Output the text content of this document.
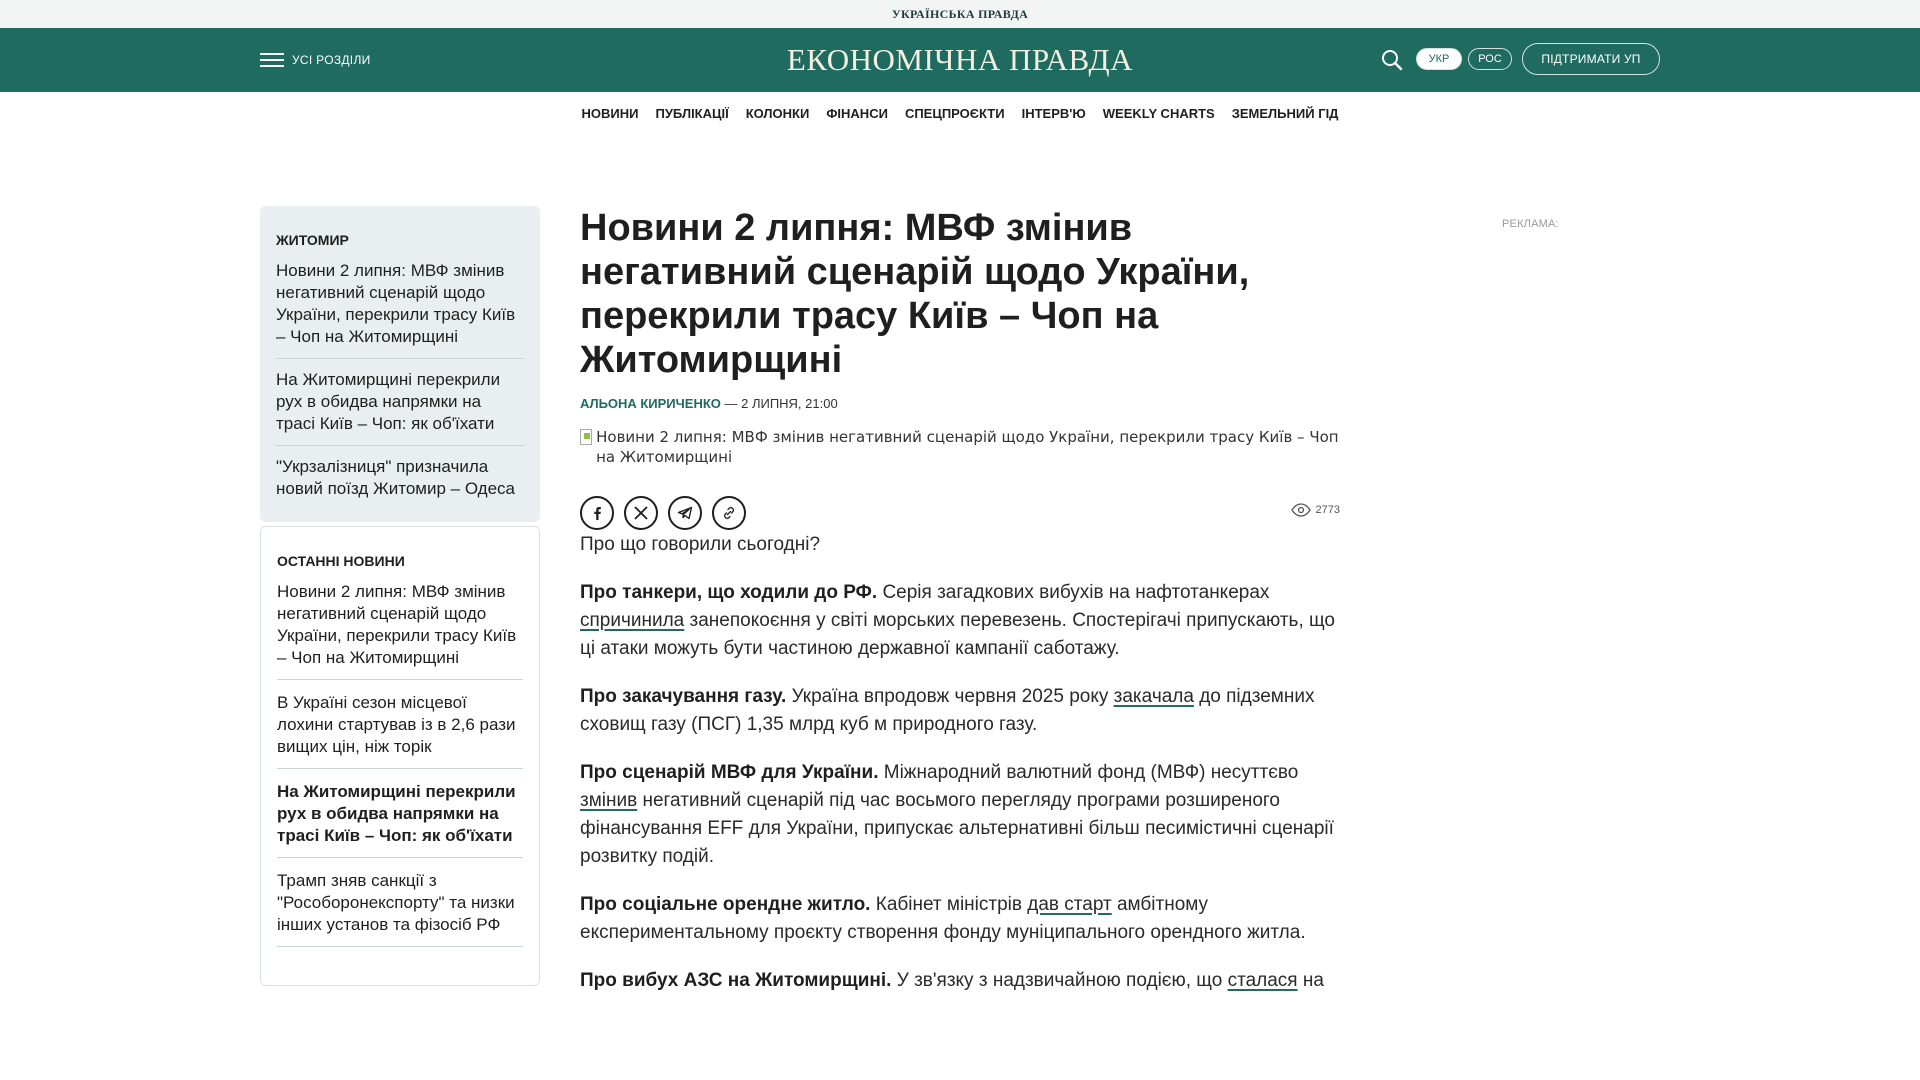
УКРАЇНСЬКА ПРАВДА
УСІ РОЗДІЛИ	ЕКОНОМІЧНА ПРАВДА	УКР	РОС	ПІДТРИМАТИ УП
НОВИНИ ПУБЛІКАЦІЇ КОЛОНКИ ФІНАНСИ СПЕЦПРОЄКТИ ІНТЕРВ'Ю WEEKLY CHARTS ЗЕМЕЛЬНИЙ ГІД
ЖИТОМИР
Новини 2 липня: МВФ змінив негативний сценарій щодо України, перекрили трасу Київ – Чоп на Житомирщині
На Житомирщині перекрили рух в обидва напрямки на трасі Київ – Чоп: як об'їхати
"Укрзалізниця" призначила новий поїзд Житомир – Одеса
ОСТАННІ НОВИНИ
Новини 2 липня: МВФ змінив негативний сценарій щодо України, перекрили трасу Київ – Чоп на Житомирщині
В Україні сезон місцевої лохини стартував із в 2,6 рази вищих цін, ніж торік
На Житомирщині перекрили рух в обидва напрямки на трасі Київ – Чоп: як об'їхати
Трамп зняв санкції з "Рособоронекспорту" та низки інших установ та фізосіб РФ
Новини 2 липня: МВФ змінив негативний сценарій щодо України, перекрили трасу Київ – Чоп на Житомирщині
АЛЬОНА КИРИЧЕНКО — 2 ЛИПНЯ, 21:00
Новини 2 липня: МВФ змінив негативний сценарій щодо України, перекрили трасу Київ – Чоп на Житомирщині
2773

Про що говорили сьогодні?

Про танкери, що ходили до РФ. Серія загадкових вибухів на нафтотанкерах спричинила занепокоєння у світі морських перевезень. Спостерігачі припускають, що ці атаки можуть бути частиною державної кампанії саботажу.

Про закачування газу. Україна впродовж червня 2025 року закачала до підземних сховищ газу (ПСГ) 1,35 млрд куб м природного газу.

Про сценарій МВФ для України. Міжнародний валютний фонд (МВФ) несуттєво змінив негативний сценарій під час восьмого перегляду програми розширеного фінансування EFF для України, припускає альтернативні більш песимістичні сценарії розвитку подій.

Про соціальне орендне житло. Кабінет міністрів дав старт амбітному експериментальному проєкту створення фонду муніципального орендного житла.

Про вибух АЗС на Житомирщині. У зв'язку з надзвичайною подією, що сталася на

РЕКЛАМА:
